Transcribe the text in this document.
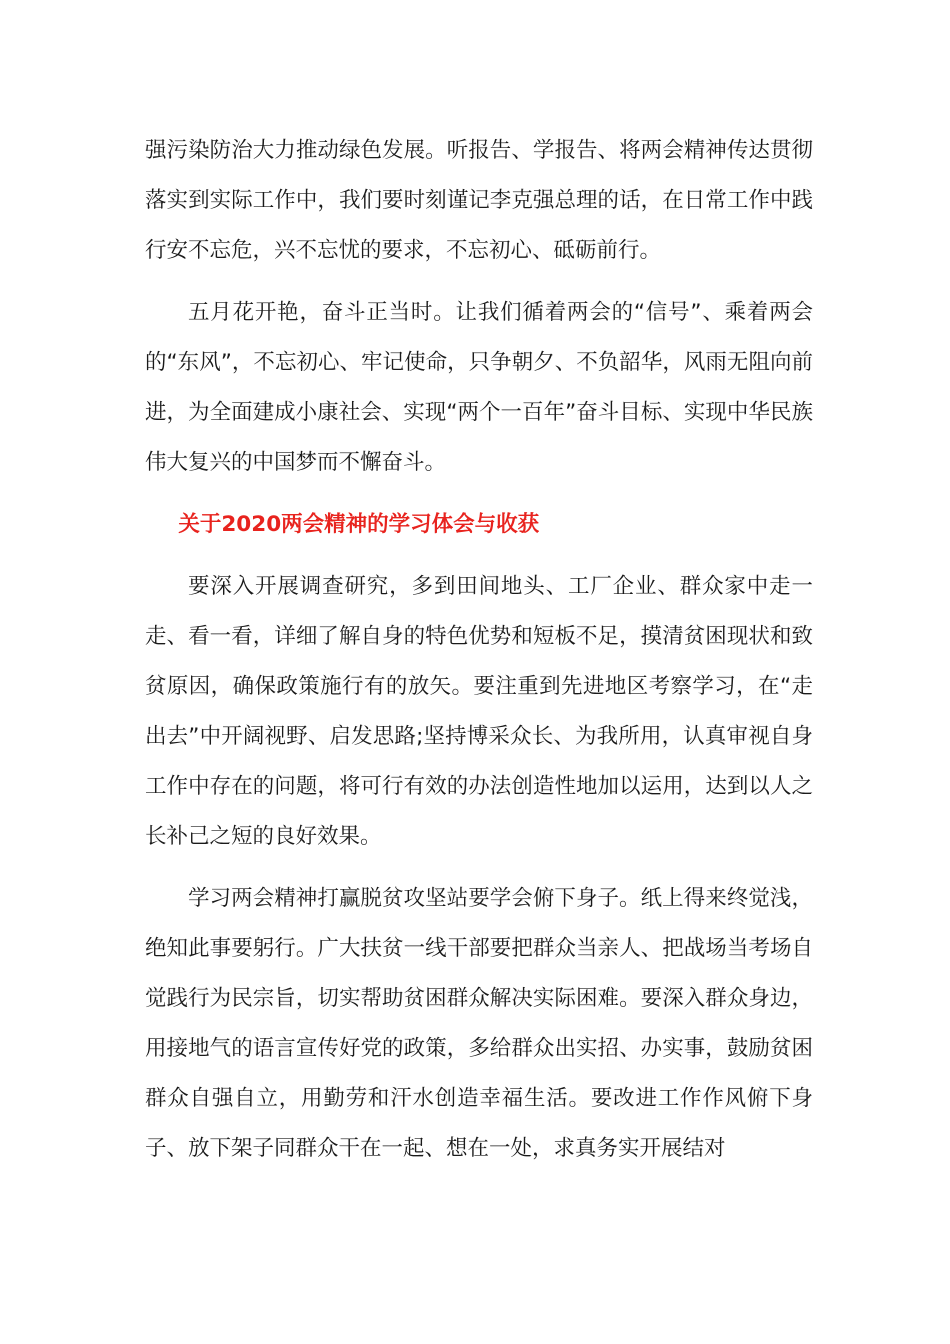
强污染防治大力推动绿色发展。听报告、学报告、将两会精神传达贯彻落实到实际工作中，我们要时刻谨记李克强总理的话，在日常工作中践行安不忘危，兴不忘忧的要求，不忘初心、砥砺前行。

五月花开艳，奋斗正当时。让我们循着两会的“信号”、乘着两会的“东风”，不忘初心、牢记使命，只争朝夕、不负韶华，风雨无阻向前进，为全面建成小康社会、实现“两个一百年”奋斗目标、实现中华民族伟大复兴的中国梦而不懈奋斗。

关于2020两会精神的学习体会与收获

要深入开展调查研究，多到田间地头、工厂企业、群众家中走一走、看一看，详细了解自身的特色优势和短板不足，摸清贫困现状和致贫原因，确保政策施行有的放矢。要注重到先进地区考察学习，在“走出去”中开阔视野、启发思路;坚持博采众长、为我所用，认真审视自身工作中存在的问题，将可行有效的办法创造性地加以运用，达到以人之长补己之短的良好效果。

学习两会精神打赢脱贫攻坚站要学会俯下身子。纸上得来终觉浅，绝知此事要躬行。广大扶贫一线干部要把群众当亲人、把战场当考场自觉践行为民宗旨，切实帮助贫困群众解决实际困难。要深入群众身边，用接地气的语言宣传好党的政策，多给群众出实招、办实事，鼓励贫困群众自强自立，用勤劳和汗水创造幸福生活。要改进工作作风俯下身子、放下架子同群众干在一起、想在一处，求真务实开展结对
